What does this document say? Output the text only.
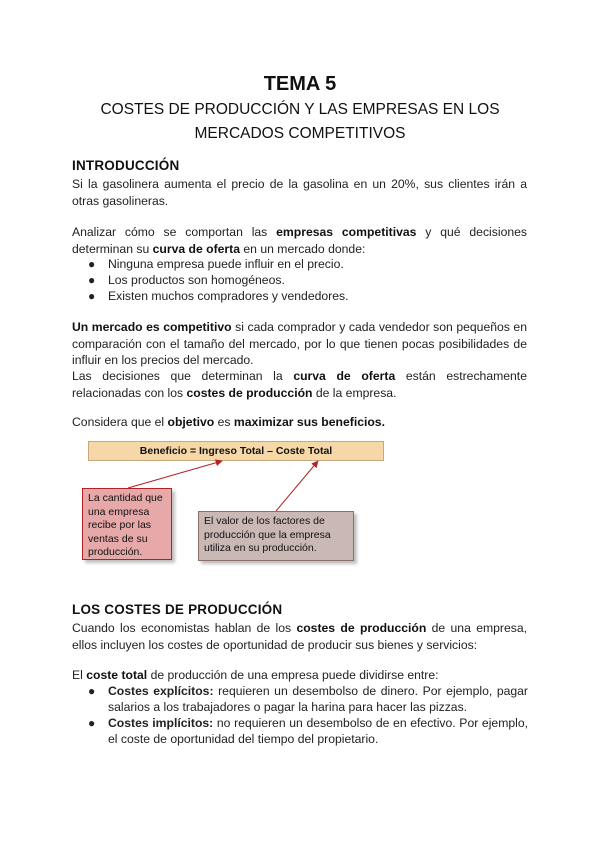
TEMA 5
COSTES DE PRODUCCIÓN Y LAS EMPRESAS EN LOS
MERCADOS COMPETITIVOS
INTRODUCCIÓN

Si la gasolinera aumenta el precio de la gasolina en un 20%, sus clientes irán a otras gasolineras.

Analizar cómo se comportan las empresas competitivas y qué decisiones determinan su curva de oferta en un mercado donde:

● Ninguna empresa puede influir en el precio.
● Los productos son homogéneos.
● Existen muchos compradores y vendedores.

Un mercado es competitivo si cada comprador y cada vendedor son pequeños en comparación con el tamaño del mercado, por lo que tienen pocas posibilidades de influir en los precios del mercado.

Las decisiones que determinan la curva de oferta están estrechamente relacionadas con los costes de producción de la empresa.

Considera que el objetivo es maximizar sus beneficios.

Beneficio = Ingreso Total – Coste Total
La cantidad que una empresa recibe por las ventas de su producción.
El valor de los factores de producción que la empresa utiliza en su producción.
LOS COSTES DE PRODUCCIÓN

Cuando los economistas hablan de los costes de producción de una empresa, ellos incluyen los costes de oportunidad de producir sus bienes y servicios:

El coste total de producción de una empresa puede dividirse entre:

● Costes explícitos: requieren un desembolso de dinero. Por ejemplo, pagar salarios a los trabajadores o pagar la harina para hacer las pizzas.
● Costes implícitos: no requieren un desembolso de en efectivo. Por ejemplo, el coste de oportunidad del tiempo del propietario.
